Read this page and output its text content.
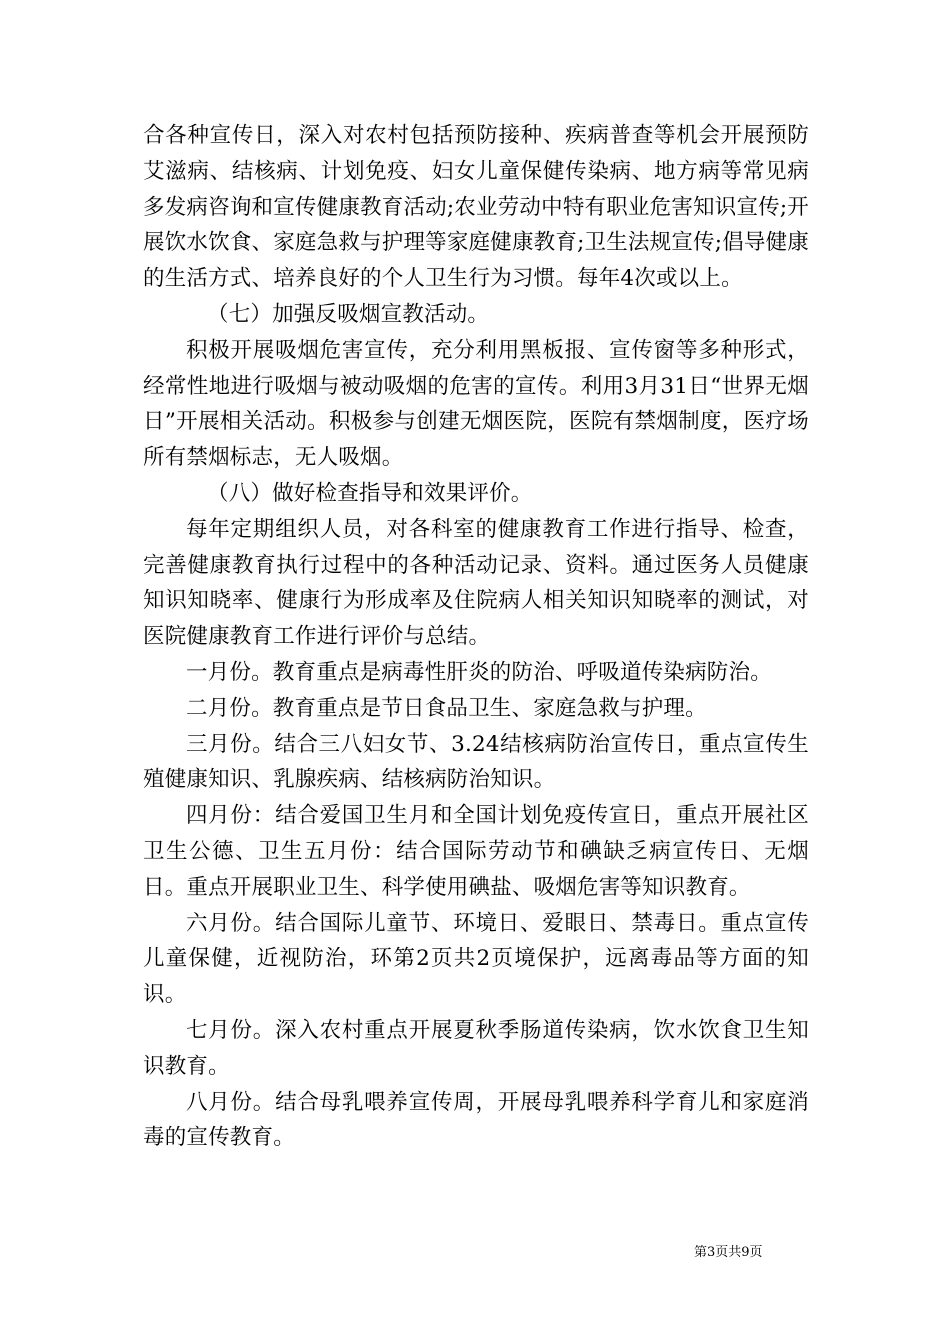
合各种宣传日，深入对农村包括预防接种、疾病普查等机会开展预防艾滋病、结核病、计划免疫、妇女儿童保健传染病、地方病等常见病多发病咨询和宣传健康教育活动;农业劳动中特有职业危害知识宣传;开展饮水饮食、家庭急救与护理等家庭健康教育;卫生法规宣传;倡导健康的生活方式、培养良好的个人卫生行为习惯。每年4次或以上。

（七）加强反吸烟宣教活动。

积极开展吸烟危害宣传，充分利用黑板报、宣传窗等多种形式，经常性地进行吸烟与被动吸烟的危害的宣传。利用3月31日“世界无烟日”开展相关活动。积极参与创建无烟医院，医院有禁烟制度，医疗场所有禁烟标志，无人吸烟。

（八）做好检查指导和效果评价。

每年定期组织人员，对各科室的健康教育工作进行指导、检查，完善健康教育执行过程中的各种活动记录、资料。通过医务人员健康知识知晓率、健康行为形成率及住院病人相关知识知晓率的测试，对医院健康教育工作进行评价与总结。

一月份。教育重点是病毒性肝炎的防治、呼吸道传染病防治。

二月份。教育重点是节日食品卫生、家庭急救与护理。

三月份。结合三八妇女节、3.24结核病防治宣传日，重点宣传生殖健康知识、乳腺疾病、结核病防治知识。

四月份：结合爱国卫生月和全国计划免疫传宣日，重点开展社区卫生公德、卫生五月份：结合国际劳动节和碘缺乏病宣传日、无烟日。重点开展职业卫生、科学使用碘盐、吸烟危害等知识教育。

六月份。结合国际儿童节、环境日、爱眼日、禁毒日。重点宣传儿童保健，近视防治，环第2页共2页境保护，远离毒品等方面的知识。

七月份。深入农村重点开展夏秋季肠道传染病，饮水饮食卫生知识教育。

八月份。结合母乳喂养宣传周，开展母乳喂养科学育儿和家庭消毒的宣传教育。

第3页共9页
